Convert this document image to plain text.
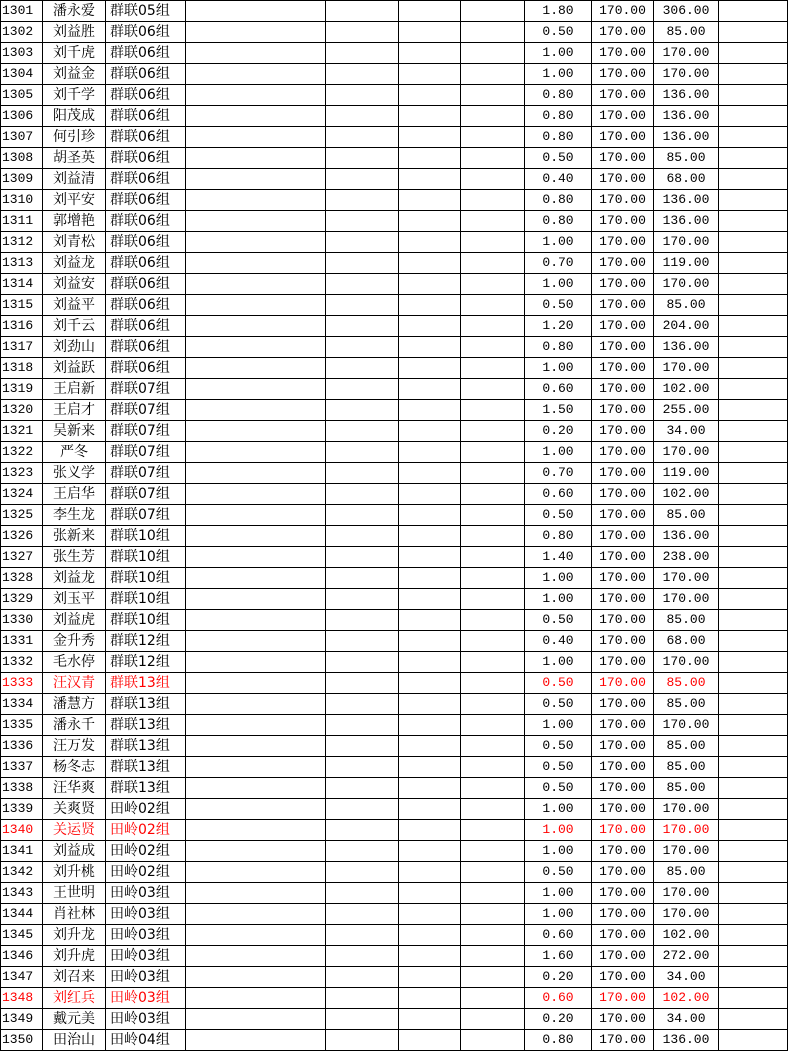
1301	潘永爱	群联05组					1.80	170.00	306.00	
1302	刘益胜	群联06组					0.50	170.00	85.00	
1303	刘千虎	群联06组					1.00	170.00	170.00	
1304	刘益金	群联06组					1.00	170.00	170.00	
1305	刘千学	群联06组					0.80	170.00	136.00	
1306	阳茂成	群联06组					0.80	170.00	136.00	
1307	何引珍	群联06组					0.80	170.00	136.00	
1308	胡圣英	群联06组					0.50	170.00	85.00	
1309	刘益清	群联06组					0.40	170.00	68.00	
1310	刘平安	群联06组					0.80	170.00	136.00	
1311	郭增艳	群联06组					0.80	170.00	136.00	
1312	刘青松	群联06组					1.00	170.00	170.00	
1313	刘益龙	群联06组					0.70	170.00	119.00	
1314	刘益安	群联06组					1.00	170.00	170.00	
1315	刘益平	群联06组					0.50	170.00	85.00	
1316	刘千云	群联06组					1.20	170.00	204.00	
1317	刘劲山	群联06组					0.80	170.00	136.00	
1318	刘益跃	群联06组					1.00	170.00	170.00	
1319	王启新	群联07组					0.60	170.00	102.00	
1320	王启才	群联07组					1.50	170.00	255.00	
1321	吴新来	群联07组					0.20	170.00	34.00	
1322	严冬	群联07组					1.00	170.00	170.00	
1323	张义学	群联07组					0.70	170.00	119.00	
1324	王启华	群联07组					0.60	170.00	102.00	
1325	李生龙	群联07组					0.50	170.00	85.00	
1326	张新来	群联10组					0.80	170.00	136.00	
1327	张生芳	群联10组					1.40	170.00	238.00	
1328	刘益龙	群联10组					1.00	170.00	170.00	
1329	刘玉平	群联10组					1.00	170.00	170.00	
1330	刘益虎	群联10组					0.50	170.00	85.00	
1331	金升秀	群联12组					0.40	170.00	68.00	
1332	毛水停	群联12组					1.00	170.00	170.00	
1333	汪汉青	群联13组					0.50	170.00	85.00	
1334	潘慧方	群联13组					0.50	170.00	85.00	
1335	潘永千	群联13组					1.00	170.00	170.00	
1336	汪万发	群联13组					0.50	170.00	85.00	
1337	杨冬志	群联13组					0.50	170.00	85.00	
1338	汪华爽	群联13组					0.50	170.00	85.00	
1339	关爽贤	田岭02组					1.00	170.00	170.00	
1340	关运贤	田岭02组					1.00	170.00	170.00	
1341	刘益成	田岭02组					1.00	170.00	170.00	
1342	刘升桃	田岭02组					0.50	170.00	85.00	
1343	王世明	田岭03组					1.00	170.00	170.00	
1344	肖社林	田岭03组					1.00	170.00	170.00	
1345	刘升龙	田岭03组					0.60	170.00	102.00	
1346	刘升虎	田岭03组					1.60	170.00	272.00	
1347	刘召来	田岭03组					0.20	170.00	34.00	
1348	刘红兵	田岭03组					0.60	170.00	102.00	
1349	戴元美	田岭03组					0.20	170.00	34.00	
1350	田治山	田岭04组					0.80	170.00	136.00	
